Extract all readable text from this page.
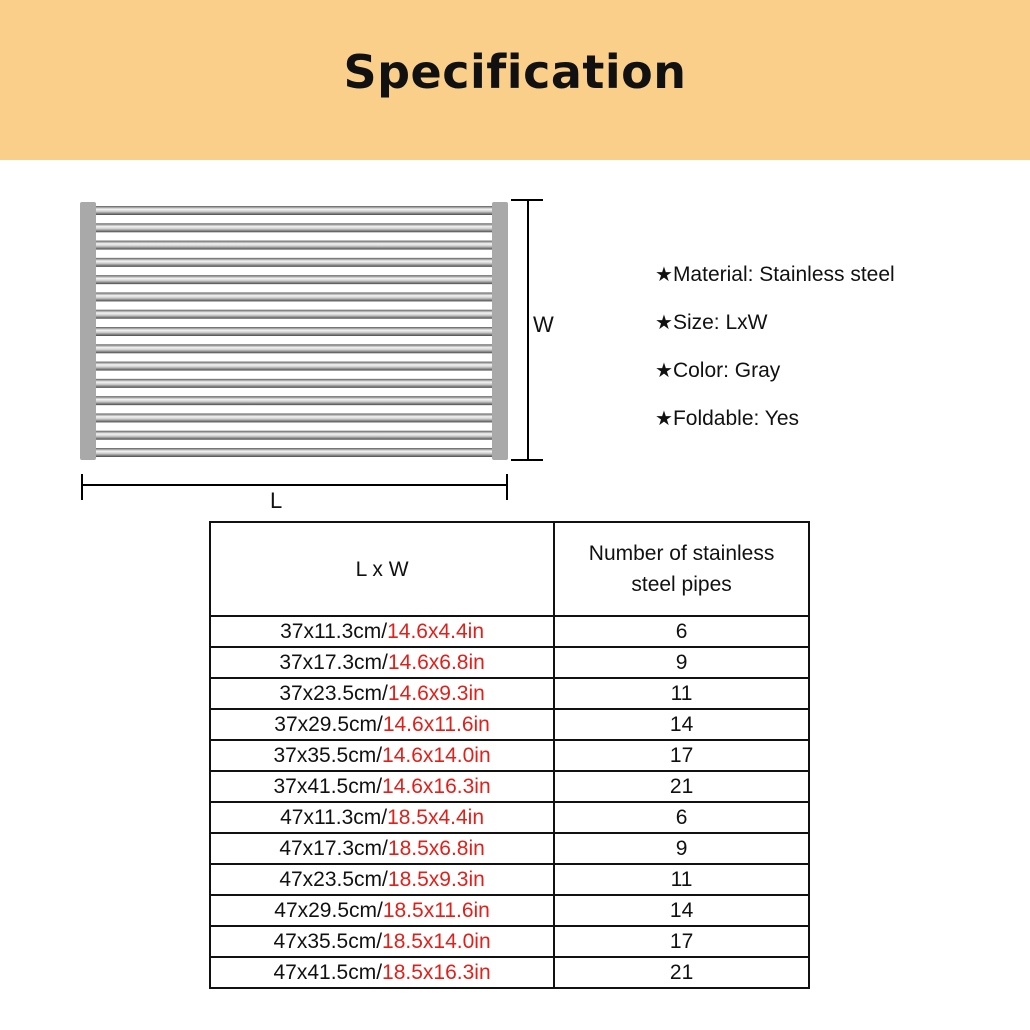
Specification
W
L
★Material: Stainless steel
★Size: LxW
★Color: Gray
★Foldable: Yes
L x W	Number of stainless steel pipes
37x11.3cm/14.6x4.4in	6
37x17.3cm/14.6x6.8in	9
37x23.5cm/14.6x9.3in	11
37x29.5cm/14.6x11.6in	14
37x35.5cm/14.6x14.0in	17
37x41.5cm/14.6x16.3in	21
47x11.3cm/18.5x4.4in	6
47x17.3cm/18.5x6.8in	9
47x23.5cm/18.5x9.3in	11
47x29.5cm/18.5x11.6in	14
47x35.5cm/18.5x14.0in	17
47x41.5cm/18.5x16.3in	21
